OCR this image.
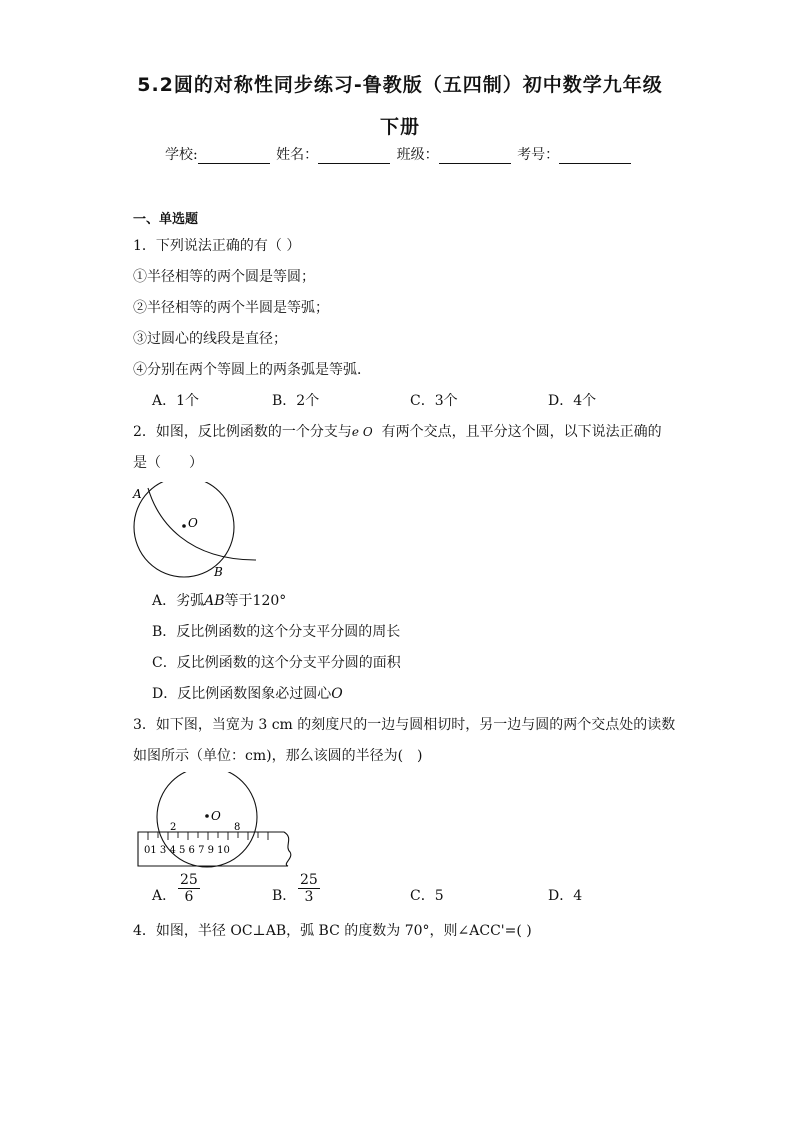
5.2圆的对称性同步练习-鲁教版（五四制）初中数学九年级
下册
学校:	姓名：	班级：	考号：
一、单选题
1．下列说法正确的有（ ）
①半径相等的两个圆是等圆；
②半径相等的两个半圆是等弧；
③过圆心的线段是直径；
④分别在两个等圆上的两条弧是等弧．
A．1个	B．2个	C．3个	D．4个
2．如图，反比例函数的一个分支与e O 有两个交点，且平分这个圆，以下说法正确的
是（　　）
A
O
B
A．劣弧AB等于120°
B．反比例函数的这个分支平分圆的周长
C．反比例函数的这个分支平分圆的面积
D．反比例函数图象必过圆心O
3．如下图，当宽为 3 cm 的刻度尺的一边与圆相切时，另一边与圆的两个交点处的读数
如图所示（单位：cm)，那么该圆的半径为(　)
O
2	8
01 3 4 5 6 7 9 10
A． $\frac{25}{6}$	B． $\frac{25}{3}$	C．5	D．4
4．如图，半径 OC⊥AB，弧 BC 的度数为 70°，则∠ACC'=( )
